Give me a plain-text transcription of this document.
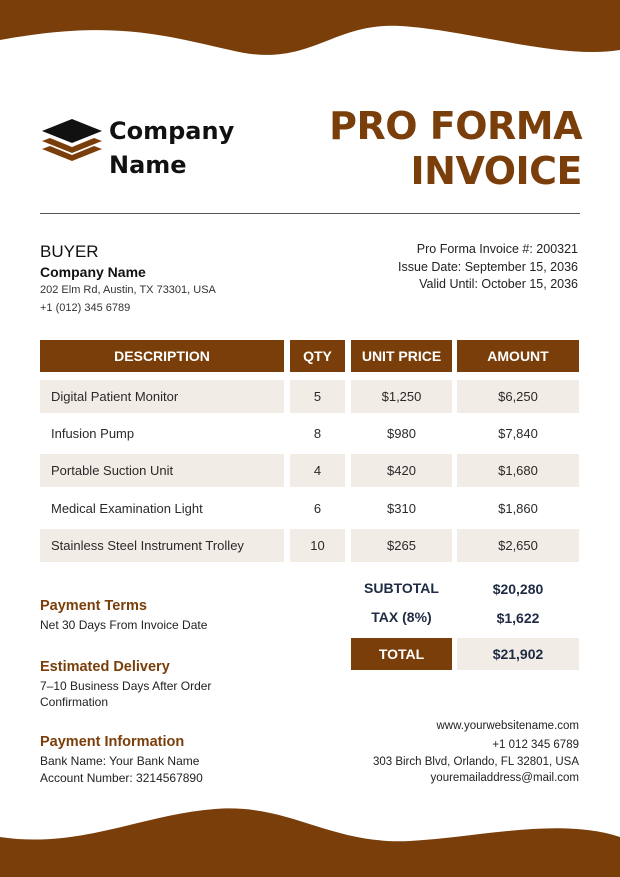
Company
Name
PRO FORMA
INVOICE
BUYER
Company Name
202 Elm Rd, Austin, TX 73301, USA
+1 (012) 345 6789
Pro Forma Invoice #: 200321
Issue Date: September 15, 2036
Valid Until: October 15, 2036
DESCRIPTION	QTY	UNIT PRICE	AMOUNT
Digital Patient Monitor	5	$1,250	$6,250
Infusion Pump	8	$980	$7,840
Portable Suction Unit	4	$420	$1,680
Medical Examination Light	6	$310	$1,860
Stainless Steel Instrument Trolley	10	$265	$2,650
SUBTOTAL	$20,280
TAX (8%)	$1,622
TOTAL	$21,902
Payment Terms
Net 30 Days From Invoice Date
Estimated Delivery
7–10 Business Days After Order
Confirmation
Payment Information
Bank Name: Your Bank Name
Account Number: 3214567890
www.yourwebsitename.com
+1 012 345 6789
303 Birch Blvd, Orlando, FL 32801, USA
youremailaddress@mail.com
